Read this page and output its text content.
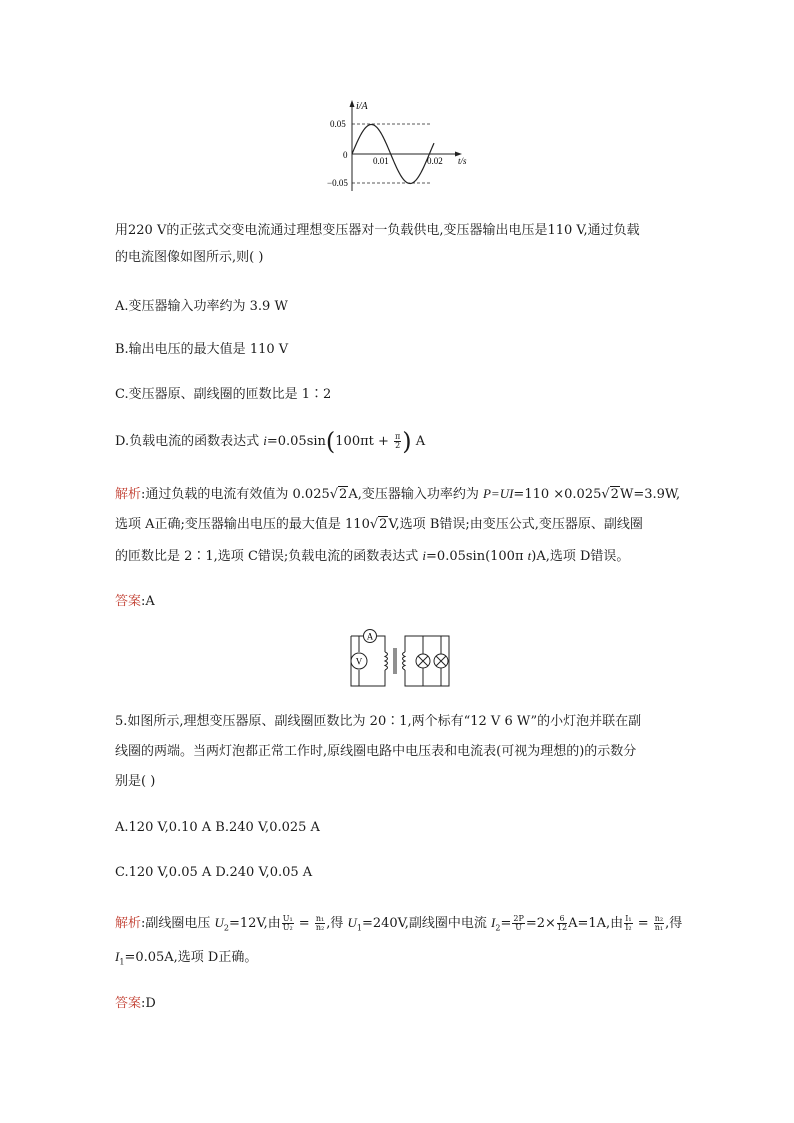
i/A
0.05
0
−0.05
0.01	0.02 t/s
用220 V的正弦式交变电流通过理想变压器对一负载供电,变压器输出电压是110 V,通过负载
的电流图像如图所示,则( )
A.变压器输入功率约为 3.9 W
B.输出电压的最大值是 110 V
C.变压器原、副线圈的匝数比是 1∶2
D.负载电流的函数表达式 $i=0.05\sin(100\pi t + \frac{\pi}{2}$ ) A
解析:通过负载的电流有效值为 0.025√2A,变压器输入功率约为 P=UI=110 ×0.025√2W=3.9W,
选项 A正确;变压器输出电压的最大值是 110√2V,选项 B错误;由变压公式,变压器原、副线圈
的匝数比是 2∶1,选项 C错误;负载电流的函数表达式 i=0.05sin(100π t)A,选项 D错误。
答案:A
A
V
5.如图所示,理想变压器原、副线圈匝数比为 20∶1,两个标有“12 V 6 W”的小灯泡并联在副
线圈的两端。当两灯泡都正常工作时,原线圈电路中电压表和电流表(可视为理想的)的示数分
别是( )
A.120 V,0.10 A B.240 V,0.025 A
C.120 V,0.05 A D.240 V,0.05 A
解析:副线圈电压 $U_2=12V$,由 $\frac{\text{U₁}}{\text{U₂}} = \frac{\text{n₁}}{\text{n₂}}$ ,得 $U_1=240V$,副线圈中电流 $I_2= \frac{2P}{U} =2\times \frac{6}{12} A=1A$,由 $\frac{\text{I₁}}{\text{I₂}} = \frac{\text{n₂}}{\text{n₁}}$ ,得
$I_1=0.05A$,选项 D正确。
答案:D
